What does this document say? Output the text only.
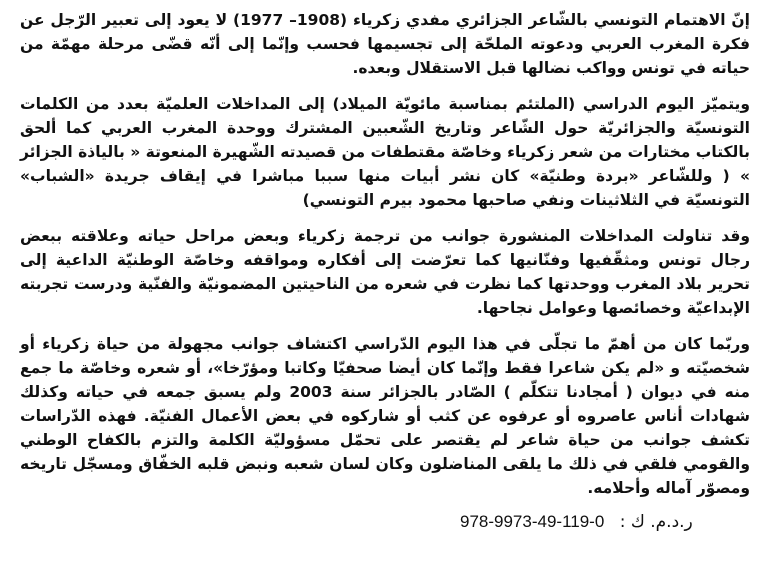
إنّ الاهتمام التونسي بالشّاعر الجزائري مفدي زكرياء (1908– 1977) لا يعود إلى تعبير الرّجل عن فكرة المغرب العربي ودعوته الملحّة إلى تجسيمها فحسب وإنّما إلى أنّه قضّى مرحلة مهمّة من حياته في تونس وواكب نضالها قبل الاستقلال وبعده.

ويتميّز اليوم الدراسي (الملتئم بمناسبة مائويّة الميلاد) إلى المداخلات العلميّة بعدد من الكلمات التونسيّة والجزائريّة حول الشّاعر وتاريخ الشّعبين المشترك ووحدة المغرب العربي كما ألحق بالكتاب مختارات من شعر زكرياء وخاصّة مقتطفات من قصيدته الشّهيرة المنعوتة « بالياذة الجزائر » ( وللشّاعر «بردة وطنيّة» كان نشر أبيات منها سببا مباشرا في إيقاف جريدة «الشباب» التونسيّة في الثلاثينات ونفي صاحبها محمود بيرم التونسي)

وقد تناولت المداخلات المنشورة جوانب من ترجمة زكرياء وبعض مراحل حياته وعلاقته ببعض رجال تونس ومثقّفيها وفنّانيها كما تعرّضت إلى أفكاره ومواقفه وخاصّة الوطنيّة الداعية إلى تحرير بلاد المغرب ووحدتها كما نظرت في شعره من الناحيتين المضمونيّة والفنّية ودرست تجربته الإبداعيّة وخصائصها وعوامل نجاحها.

وربّما كان من أهمّ ما تجلّى في هذا اليوم الدّراسي اكتشاف جوانب مجهولة من حياة زكرياء أو شخصيّته و «لم يكن شاعرا فقط وإنّما كان أيضا صحفيّا وكاتبا ومؤرّخا»، أو شعره وخاصّة ما جمع منه في ديوان ( أمجادنا تتكلّم ) الصّادر بالجزائر سنة 2003 ولم يسبق جمعه في حياته وكذلك شهادات أناس عاصروه أو عرفوه عن كثب أو شاركوه في بعض الأعمال الفنيّة. فهذه الدّراسات تكشف جوانب من حياة شاعر لم يقتصر على تحمّل مسؤوليّة الكلمة والتزم بالكفاح الوطني والقومي فلقي في ذلك ما يلقى المناضلون وكان لسان شعبه ونبض قلبه الخفّاق ومسجّل تاريخه ومصوّر آماله وأحلامه.

ر.د.م. ك : 978-9973-49-119-0
